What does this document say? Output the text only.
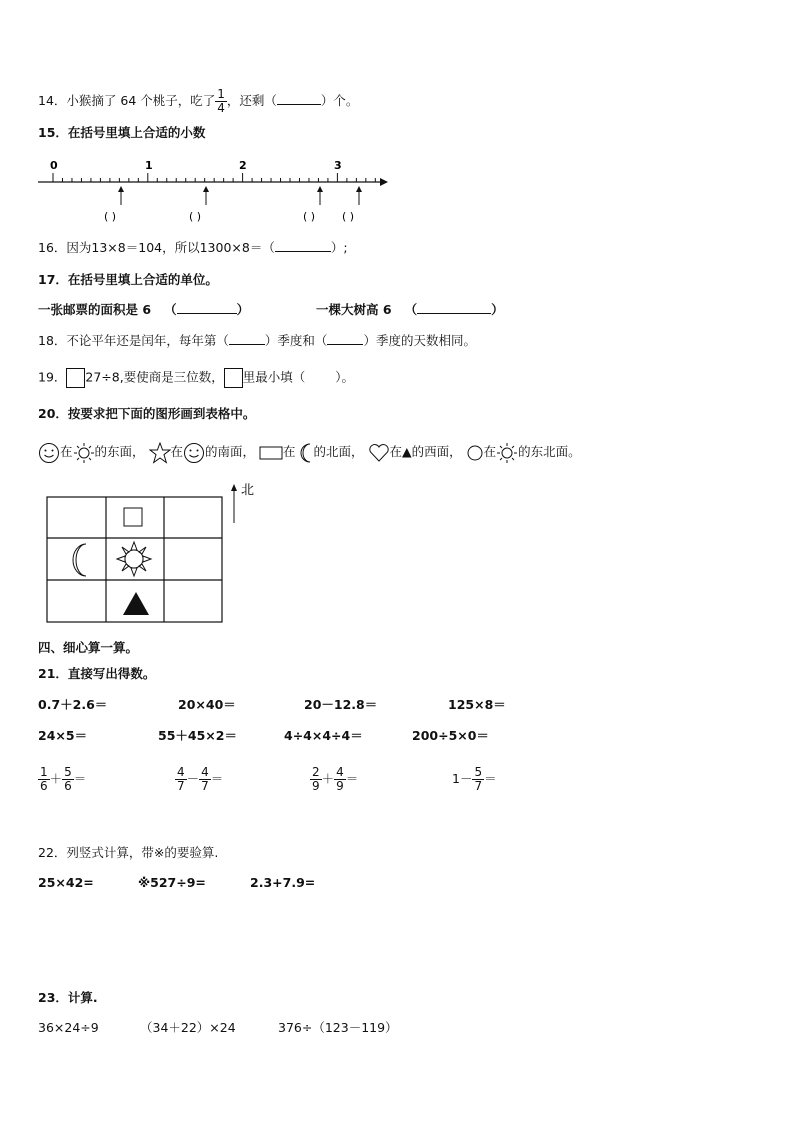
14．小猴摘了 64 个桃子，吃了 $\frac{1}{4}$ ，还剩（	）个。
15．在括号里填上合适的小数
0	1	2	3
( )	( )	( ) ( )
16．因为13×8＝104，所以1300×8＝（	）;
17．在括号里填上合适的单位。
一张邮票的面积是 6 （	）	一棵大树高 6 （	）
18．不论平年还是闰年，每年第（	）季度和（	）季度的天数相同。
19． 27÷8,要使商是三位数， 里最小填（ ）。
20．按要求把下面的图形画到表格中。
在 的东面， 在 的南面， 在 的北面， 在▲的西面， 在 的东北面。
北
四、细心算一算。
21．直接写出得数。
0.7＋2.6＝	20×40＝	20－12.8＝	125×8＝
24×5＝	55＋45×2＝	4÷4×4÷4＝	200÷5×0＝
$\frac{1}{6} + \frac{5}{6}$ ＝	$\frac{4}{7} - \frac{4}{7}$ ＝	$\frac{2}{9} + \frac{4}{9}$ ＝	$1- \frac{5}{7}$ ＝
22．列竖式计算，带※的要验算.
25×42=	※527÷9=	2.3+7.9=
23．计算.
36×24÷9	（34＋22）×24	376÷（123－119）
